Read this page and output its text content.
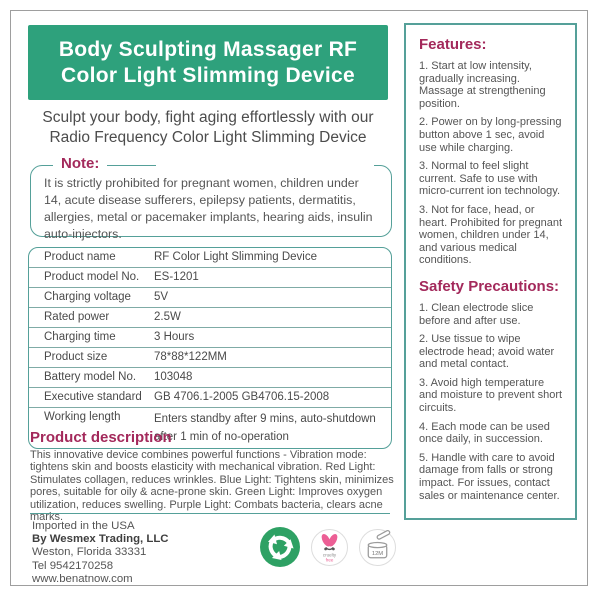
Body Sculpting Massager RF
Color Light Slimming Device
Sculpt your body, fight aging effortlessly with our
Radio Frequency Color Light Slimming Device
Note:

It is strictly prohibited for pregnant women, children under 14, acute disease sufferers, epilepsy patients, dermatitis, allergies, metal or pacemaker implants, hearing aids, insulin auto-injectors.

Product name	RF Color Light Slimming Device
Product model No.	ES-1201
Charging voltage	5V
Rated power	2.5W
Charging time	3 Hours
Product size	78*88*122MM
Battery model No.	103048
Executive standard	GB 4706.1-2005 GB4706.15-2008
Working length	Enters standby after 9 mins, auto-shutdown after 1 min of no-operation
Product description

This innovative device combines powerful functions - Vibration mode: tightens skin and boosts elasticity with mechanical vibration. Red Light: Stimulates collagen, reduces wrinkles. Blue Light: Tightens skin, minimizes pores, suitable for oily & acne-prone skin. Green Light: Improves oxygen utilization, reduces swelling. Purple Light: Combats bacteria, clears acne marks.

Imported in the USA
By Wesmex Trading, LLC
Weston, Florida 33331
Tel 9542170258
www.benatnow.com
cruelty
free
12M
Features:

1. Start at low intensity, gradually increasing. Massage at strengthening position.

2. Power on by long-pressing button above 1 sec, avoid use while charging.

3. Normal to feel slight current. Safe to use with micro-current ion technology.

3. Not for face, head, or heart. Prohibited for pregnant women, children under 14, and various medical conditions.

Safety Precautions:

1. Clean electrode slice before and after use.

2. Use tissue to wipe electrode head; avoid water and metal contact.

3. Avoid high temperature and moisture to prevent short circuits.

4. Each mode can be used once daily, in succession.

5. Handle with care to avoid damage from falls or strong impact. For issues, contact sales or maintenance center.
